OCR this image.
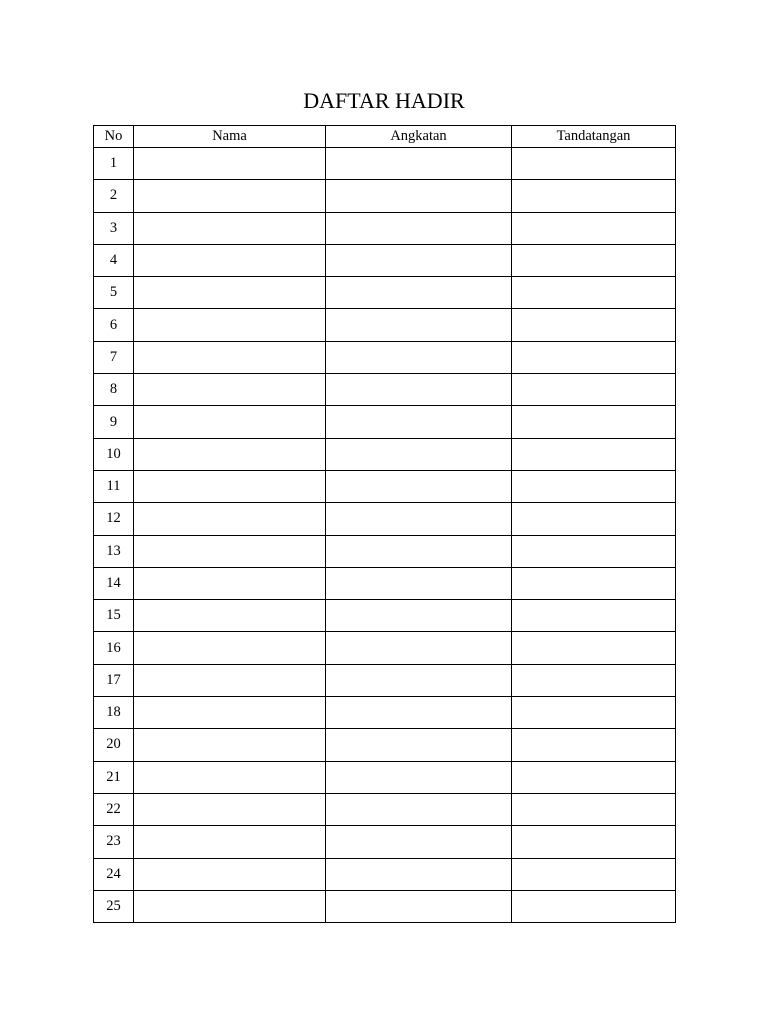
DAFTAR HADIR
No	Nama	Angkatan	Tandatangan
1			
2			
3			
4			
5			
6			
7			
8			
9			
10			
11			
12			
13			
14			
15			
16			
17			
18			
20			
21			
22			
23			
24			
25			
